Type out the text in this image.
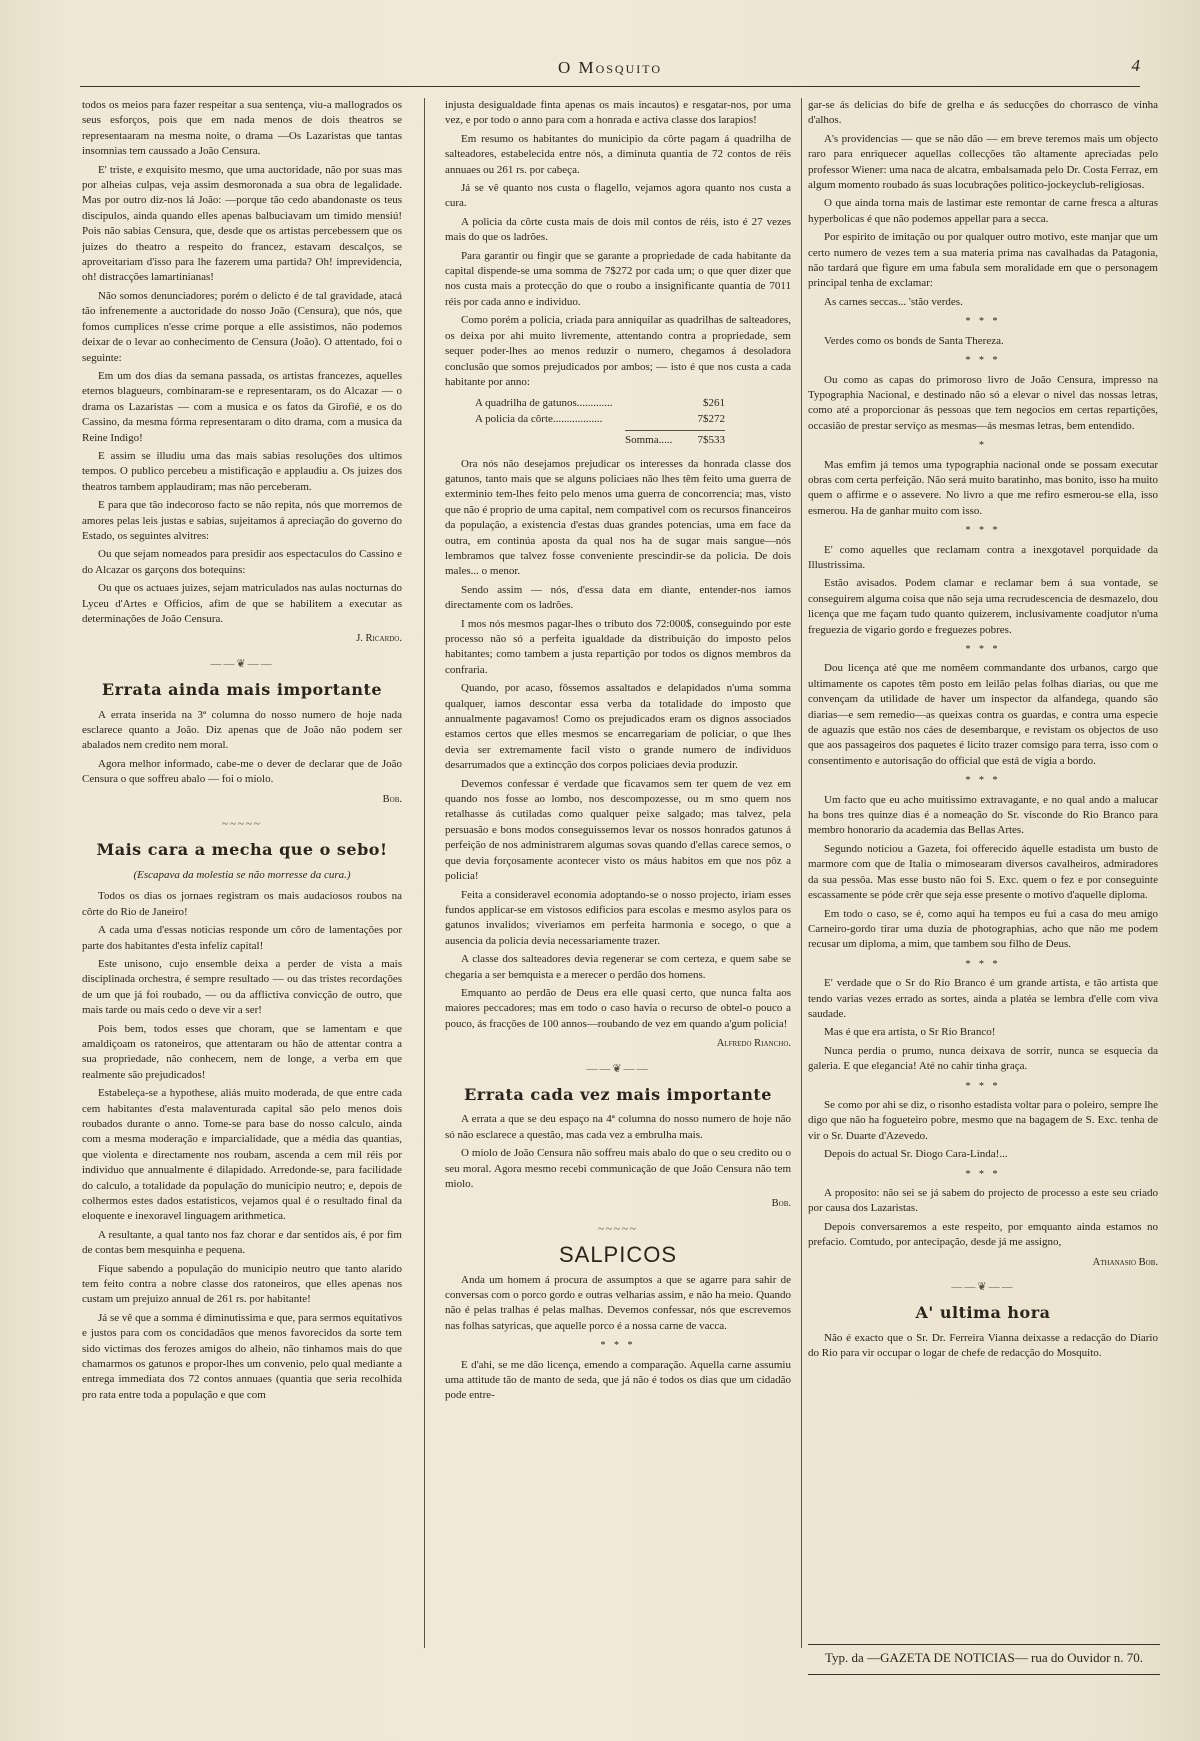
O Mosquito	4

todos os meios para fazer respeitar a sua sentença, viu-a mallogrados os seus esforços, pois que em nada menos de dois theatros se representaaram na mesma noite, o drama —Os Lazaristas que tantas insomnias tem caussado a João Censura.

E' triste, e exquisito mesmo, que uma auctoridade, não por suas mas por alheias culpas, veja assim desmoronada a sua obra de legalidade. Mas por outro diz-nos lá João: —porque tão cedo abandonaste os teus discipulos, ainda quando elles apenas balbuciavam um timido mensiú! Pois não sabias Censura, que, desde que os artistas percebessem que os juizes do theatro a respeito do francez, estavam descalços, se aproveitariam d'isso para lhe fazerem uma partida? Oh! imprevidencia, oh! distracções lamartinianas!

Não somos denunciadores; porém o delicto é de tal gravidade, atacá tão infrenemente a auctoridade do nosso João (Censura), que nós, que fomos cumplices n'esse crime porque a elle assistimos, não podemos deixar de o levar ao conhecimento de Censura (João). O attentado, foi o seguinte:

Em um dos dias da semana passada, os artistas francezes, aquelles eternos blagueurs, combinaram-se e representaram, os do Alcazar — o drama os Lazaristas — com a musica e os fatos da Girofié, e os do Cassino, da mesma fórma representaram o dito drama, com a musica da Reine Indigo!

E assim se illudiu uma das mais sabias resoluções dos ultimos tempos. O publico percebeu a mistificação e applaudiu a. Os juizes dos theatros tambem applaudiram; mas não perceberam.

E para que tão indecoroso facto se não repita, nós que morremos de amores pelas leis justas e sabias, sujeitamos á apreciação do governo do Estado, os seguintes alvitres:

Ou que sejam nomeados para presidir aos espectaculos do Cassino e do Alcazar os garçons dos botequins:

Ou que os actuaes juizes, sejam matriculados nas aulas nocturnas do Lyceu d'Artes e Officios, afim de que se habilitem a executar as determinações de João Censura.

J. Ricardo.
——❦——
Errata ainda mais importante

A errata inserida na 3ª columna do nosso numero de hoje nada esclarece quanto a João. Diz apenas que de João não podem ser abalados nem credito nem moral.

Agora melhor informado, cabe-me o dever de declarar que de João Censura o que soffreu abalo — foi o miolo.

Bob.
~~~~~
Mais cara a mecha que o sebo!

(Escapava da molestia se não morresse da cura.)

Todos os dias os jornaes registram os mais audaciosos roubos na côrte do Rio de Janeiro!

A cada uma d'essas noticias responde um côro de lamentações por parte dos habitantes d'esta infeliz capital!

Este unisono, cujo ensemble deixa a perder de vista a mais disciplinada orchestra, é sempre resultado — ou das tristes recordações de um que já foi roubado, — ou da afflictiva convicção de outro, que mais tarde ou mais cedo o deve vir a ser!

Pois bem, todos esses que choram, que se lamentam e que amaldiçoam os ratoneiros, que attentaram ou hão de attentar contra a sua propriedade, não conhecem, nem de longe, a verba em que realmente são prejudicados!

Estabeleça-se a hypothese, aliás muito moderada, de que entre cada cem habitantes d'esta malaventurada capital são pelo menos dois roubados durante o anno. Tome-se para base do nosso calculo, ainda com a mesma moderação e imparcialidade, que a média das quantias, que violenta e directamente nos roubam, ascenda a cem mil réis por individuo que annualmente é dilapidado. Arredonde-se, para facilidade do calculo, a totalidade da população do municipio neutro; e, depois de colhermos estes dados estatisticos, vejamos qual é o resultado final da eloquente e inexoravel linguagem arithmetica.

A resultante, a qual tanto nos faz chorar e dar sentidos ais, é por fim de contas bem mesquinha e pequena.

Fique sabendo a população do municipio neutro que tanto alarido tem feito contra a nobre classe dos ratoneiros, que elles apenas nos custam um prejuizo annual de 261 rs. por habitante!

Já se vê que a somma é diminutissima e que, para sermos equitativos e justos para com os concidadãos que menos favorecidos da sorte tem sido victimas dos ferozes amigos do alheio, não tinhamos mais do que chamarmos os gatunos e propor-lhes um convenio, pelo qual mediante a entrega immediata dos 72 contos annuaes (quantia que seria recolhida pro rata entre toda a população e que com

injusta desigualdade finta apenas os mais incautos) e resgatar-nos, por uma vez, e por todo o anno para com a honrada e activa classe dos larapios!

Em resumo os habitantes do municipio da côrte pagam á quadrilha de salteadores, estabelecida entre nós, a diminuta quantia de 72 contos de réis annuaes ou 261 rs. por cabeça.

Já se vê quanto nos custa o flagello, vejamos agora quanto nos custa a cura.

A policia da côrte custa mais de dois mil contos de réis, isto é 27 vezes mais do que os ladrões.

Para garantir ou fingir que se garante a propriedade de cada habitante da capital dispende-se uma somma de 7$272 por cada um; o que quer dizer que nos custa mais a protecção do que o roubo a insignificante quantia de 7011 réis por cada anno e individuo.

Como porém a policia, criada para anniquilar as quadrilhas de salteadores, os deixa por ahi muito livremente, attentando contra a propriedade, sem sequer poder-lhes ao menos reduzir o numero, chegamos á desoladora conclusão que somos prejudicados por ambos; — isto é que nos custa a cada habitante por anno:

A quadrilha de gatunos.............	$261
A policia da côrte..................	7$272
Somma..... 7$533

Ora nós não desejamos prejudicar os interesses da honrada classe dos gatunos, tanto mais que se alguns policiaes não lhes têm feito uma guerra de exterminio tem-lhes feito pelo menos uma guerra de concorrencia; mas, visto que não é proprio de uma capital, nem compativel com os recursos financeiros da população, a existencia d'estas duas grandes potencias, uma em face da outra, em continúa aposta da qual nos ha de sugar mais sangue—nós lembramos que talvez fosse conveniente prescindir-se da policia. De dois males... o menor.

Sendo assim — nós, d'essa data em diante, entender-nos iamos directamente com os ladrões.

I mos nós mesmos pagar-lhes o tributo dos 72:000$, conseguindo por este processo não só a perfeita igualdade da distribuição do imposto pelos habitantes; como tambem a justa repartição por todos os dignos membros da confraria.

Quando, por acaso, fôssemos assaltados e delapidados n'uma somma qualquer, iamos descontar essa verba da totalidade do imposto que annualmente pagavamos! Como os prejudicados eram os dignos associados estamos certos que elles mesmos se encarregariam de policiar, o que lhes devia ser extremamente facil visto o grande numero de individuos desarrumados que a extincção dos corpos policiaes devia produzir.

Devemos confessar é verdade que ficavamos sem ter quem de vez em quando nos fosse ao lombo, nos descompozesse, ou m smo quem nos retalhasse ás cutiladas como qualquer peixe salgado; mas talvez, pela persuasão e bons modos conseguissemos levar os nossos honrados gatunos á perfeição de nos administrarem algumas sovas quando d'ellas carece semos, o que devia forçosamente acontecer visto os máus habitos em que nos pôz a policia!

Feita a consideravel economia adoptando-se o nosso projecto, iriam esses fundos applicar-se em vistosos edificios para escolas e mesmo asylos para os gatunos invalidos; viveriamos em perfeita harmonia e socego, o que a ausencia da policia devia necessariamente trazer.

A classe dos salteadores devia regenerar se com certeza, e quem sabe se chegaria a ser bemquista e a merecer o perdão dos homens.

Emquanto ao perdão de Deus era elle quasi certo, que nunca falta aos maiores peccadores; mas em todo o caso havia o recurso de obtel-o pouco a pouco, ás fracções de 100 annos—roubando de vez em quando a'gum policia!

Alfredo Riancho.
——❦——
Errata cada vez mais importante

A errata a que se deu espaço na 4ª columna do nosso numero de hoje não só não esclarece a questão, mas cada vez a embrulha mais.

O miolo de João Censura não soffreu mais abalo do que o seu credito ou o seu moral. Agora mesmo recebi communicação de que João Censura não tem miolo.

Bob.
~~~~~
SALPICOS

Anda um homem á procura de assumptos a que se agarre para sahir de conversas com o porco gordo e outras velharias assim, e não ha meio. Quando não é pelas tralhas é pelas malhas. Devemos confessar, nós que escrevemos nas folhas satyricas, que aquelle porco é a nossa carne de vacca.

* * *

E d'ahi, se me dão licença, emendo a comparação. Aquella carne assumiu uma attitude tão de manto de seda, que já não é todos os dias que um cidadão pode entre-

gar-se ás delicias do bife de grelha e ás seducções do chorrasco de vinha d'alhos.

A's providencias — que se não dão — em breve teremos mais um objecto raro para enriquecer aquellas collecções tão altamente apreciadas pelo professor Wiener: uma naca de alcatra, embalsamada pelo Dr. Costa Ferraz, em algum momento roubado ás suas locubrações politico-jockeyclub-religiosas.

O que ainda torna mais de lastimar este remontar de carne fresca a alturas hyperbolicas é que não podemos appellar para a secca.

Por espirito de imitação ou por qualquer outro motivo, este manjar que um certo numero de vezes tem a sua materia prima nas cavalhadas da Patagonia, não tardará que figure em uma fabula sem moralidade em que o personagem principal tenha de exclamar:

As carnes seccas... 'stão verdes.

* * *

Verdes como os bonds de Santa Thereza.

* * *

Ou como as capas do primoroso livro de João Censura, impresso na Typographia Nacional, e destinado não só a elevar o nivel das nossas letras, como até a proporcionar ás pessoas que tem negocios em certas repartições, occasião de prestar serviço as mesmas—ás mesmas letras, bem entendido.

*

Mas emfim já temos uma typographia nacional onde se possam executar obras com certa perfeição. Não será muito baratinho, mas bonito, isso ha muito quem o affirme e o assevere. No livro a que me refiro esmerou-se ella, isso esmerou. Ha de ganhar muito com isso.

* * *

E' como aquelles que reclamam contra a inexgotavel porquidade da Illustrissima.

Estão avisados. Podem clamar e reclamar bem á sua vontade, se conseguirem alguma coisa que não seja uma recrudescencia de desmazelo, dou licença que me façam tudo quanto quizerem, inclusivamente coadjutor n'uma freguezia de vigario gordo e freguezes pobres.

* * *

Dou licença até que me nomêem commandante dos urbanos, cargo que ultimamente os capotes têm posto em leilão pelas folhas diarias, ou que me convençam da utilidade de haver um inspector da alfandega, quando são diarias—e sem remedio—as queixas contra os guardas, e contra uma especie de aguazis que estão nos cáes de desembarque, e revistam os objectos de uso que aos passageiros dos paquetes é licito trazer comsigo para terra, isso com o consentimento e autorisação do official que está de vigia a bordo.

* * *

Um facto que eu acho muitissimo extravagante, e no qual ando a malucar ha bons tres quinze dias é a nomeação do Sr. visconde do Rio Branco para membro honorario da academia das Bellas Artes.

Segundo noticiou a Gazeta, foi offerecido áquelle estadista um busto de marmore com que de Italia o mimosearam diversos cavalheiros, admiradores da sua pessôa. Mas esse busto não foi S. Exc. quem o fez e por conseguinte escassamente se póde crêr que seja esse presente o motivo d'aquelle diploma.

Em todo o caso, se é, como aqui ha tempos eu fui a casa do meu amigo Carneiro-gordo tirar uma duzia de photographias, acho que não me podem recusar um diploma, a mim, que tambem sou filho de Deus.

* * *

E' verdade que o Sr do Rio Branco é um grande artista, e tão artista que tendo varias vezes errado as sortes, ainda a platéa se lembra d'elle com viva saudade.

Mas é que era artista, o Sr Rio Branco!

Nunca perdia o prumo, nunca deixava de sorrir, nunca se esquecia da galeria. E que elegancia! Até no cahir tinha graça.

* * *

Se como por ahi se diz, o risonho estadista voltar para o poleiro, sempre lhe digo que não ha fogueteiro pobre, mesmo que na bagagem de S. Exc. tenha de vir o Sr. Duarte d'Azevedo.

Depois do actual Sr. Diogo Cara-Linda!...

* * *

A proposito: não sei se já sabem do projecto de processo a este seu criado por causa dos Lazaristas.

Depois conversaremos a este respeito, por emquanto ainda estamos no prefacio. Comtudo, por antecipação, desde já me assigno,

Athanasio Bob.
——❦——
A' ultima hora

Não é exacto que o Sr. Dr. Ferreira Vianna deixasse a redacção do Diario do Rio para vir occupar o logar de chefe de redacção do Mosquito.

Typ. da —GAZETA DE NOTICIAS— rua do Ouvidor n. 70.
